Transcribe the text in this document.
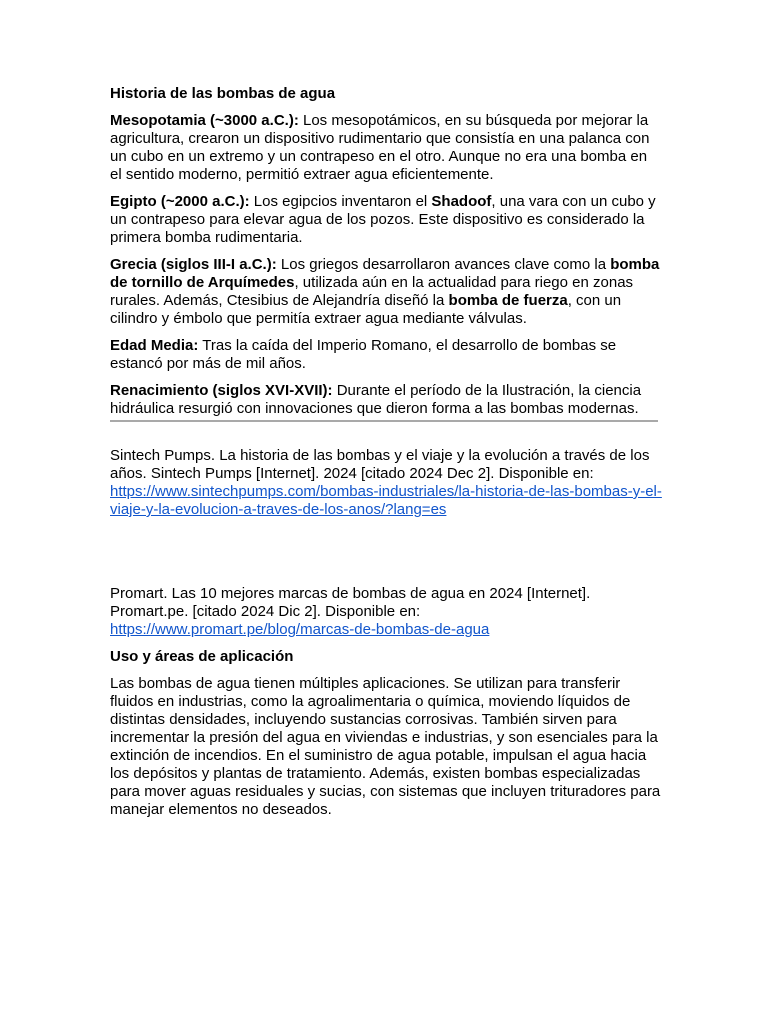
Historia de las bombas de agua

Mesopotamia (~3000 a.C.): Los mesopotámicos, en su búsqueda por mejorar la agricultura, crearon un dispositivo rudimentario que consistía en una palanca con un cubo en un extremo y un contrapeso en el otro. Aunque no era una bomba en el sentido moderno, permitió extraer agua eficientemente.

Egipto (~2000 a.C.): Los egipcios inventaron el Shadoof, una vara con un cubo y un contrapeso para elevar agua de los pozos. Este dispositivo es considerado la primera bomba rudimentaria.

Grecia (siglos III-I a.C.): Los griegos desarrollaron avances clave como la bomba de tornillo de Arquímedes, utilizada aún en la actualidad para riego en zonas rurales. Además, Ctesibius de Alejandría diseñó la bomba de fuerza, con un cilindro y émbolo que permitía extraer agua mediante válvulas.

Edad Media: Tras la caída del Imperio Romano, el desarrollo de bombas se estancó por más de mil años.

Renacimiento (siglos XVI-XVII): Durante el período de la Ilustración, la ciencia hidráulica resurgió con innovaciones que dieron forma a las bombas modernas.

Sintech Pumps. La historia de las bombas y el viaje y la evolución a través de los años. Sintech Pumps [Internet]. 2024 [citado 2024 Dec 2]. Disponible en: https://www.sintechpumps.com/bombas-industriales/la-historia-de-las-bombas-y-el-viaje-y-la-evolucion-a-traves-de-los-anos/?lang=es

Promart. Las 10 mejores marcas de bombas de agua en 2024 [Internet]. Promart.pe. [citado 2024 Dic 2]. Disponible en: https://www.promart.pe/blog/marcas-de-bombas-de-agua

Uso y áreas de aplicación

Las bombas de agua tienen múltiples aplicaciones. Se utilizan para transferir fluidos en industrias, como la agroalimentaria o química, moviendo líquidos de distintas densidades, incluyendo sustancias corrosivas. También sirven para incrementar la presión del agua en viviendas e industrias, y son esenciales para la extinción de incendios. En el suministro de agua potable, impulsan el agua hacia los depósitos y plantas de tratamiento. Además, existen bombas especializadas para mover aguas residuales y sucias, con sistemas que incluyen trituradores para manejar elementos no deseados.
